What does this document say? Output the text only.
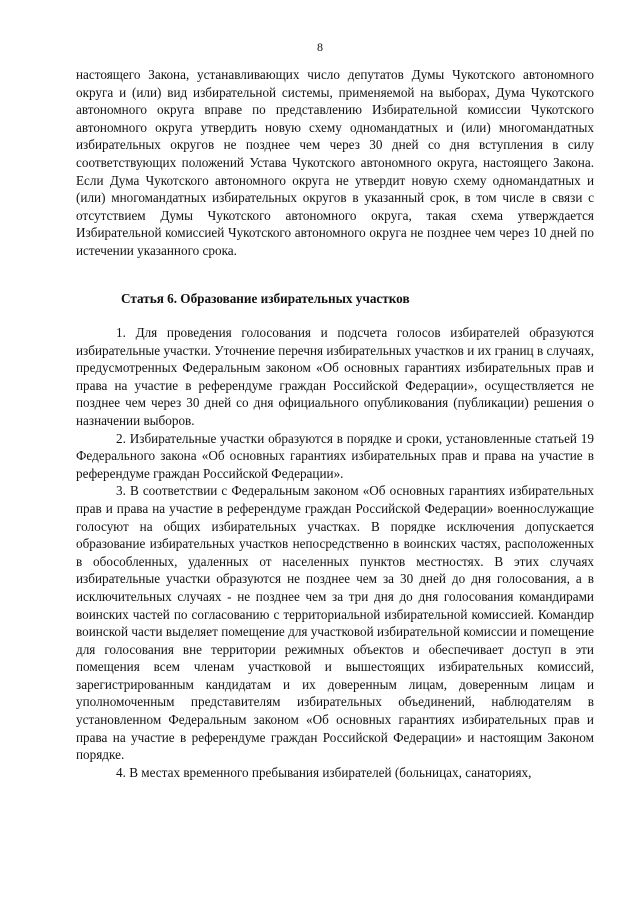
8

настоящего Закона, устанавливающих число депутатов Думы Чукотского автономного округа и (или) вид избирательной системы, применяемой на выборах, Дума Чукотского автономного округа вправе по представлению Избирательной комиссии Чукотского автономного округа утвердить новую схему одномандатных и (или) многомандатных избирательных округов не позднее чем через 30 дней со дня вступления в силу соответствующих положений Устава Чукотского автономного округа, настоящего Закона. Если Дума Чукотского автономного округа не утвердит новую схему одномандатных и (или) многомандатных избирательных округов в указанный срок, в том числе в связи с отсутствием Думы Чукотского автономного округа, такая схема утверждается Избирательной комиссией Чукотского автономного округа не позднее чем через 10 дней по истечении указанного срока.

Статья 6. Образование избирательных участков

1. Для проведения голосования и подсчета голосов избирателей образуются избирательные участки. Уточнение перечня избирательных участков и их границ в случаях, предусмотренных Федеральным законом «Об основных гарантиях избирательных прав и права на участие в референдуме граждан Российской Федерации», осуществляется не позднее чем через 30 дней со дня официального опубликования (публикации) решения о назначении выборов.

2. Избирательные участки образуются в порядке и сроки, установленные статьей 19 Федерального закона «Об основных гарантиях избирательных прав и права на участие в референдуме граждан Российской Федерации».

3. В соответствии с Федеральным законом «Об основных гарантиях избирательных прав и права на участие в референдуме граждан Российской Федерации» военнослужащие голосуют на общих избирательных участках. В порядке исключения допускается образование избирательных участков непосредственно в воинских частях, расположенных в обособленных, удаленных от населенных пунктов местностях. В этих случаях избирательные участки образуются не позднее чем за 30 дней до дня голосования, а в исключительных случаях - не позднее чем за три дня до дня голосования командирами воинских частей по согласованию с территориальной избирательной комиссией. Командир воинской части выделяет помещение для участковой избирательной комиссии и помещение для голосования вне территории режимных объектов и обеспечивает доступ в эти помещения всем членам участковой и вышестоящих избирательных комиссий, зарегистрированным кандидатам и их доверенным лицам, доверенным лицам и уполномоченным представителям избирательных объединений, наблюдателям в установленном Федеральным законом «Об основных гарантиях избирательных прав и права на участие в референдуме граждан Российской Федерации» и настоящим Законом порядке.

4. В местах временного пребывания избирателей (больницах, санаториях,
